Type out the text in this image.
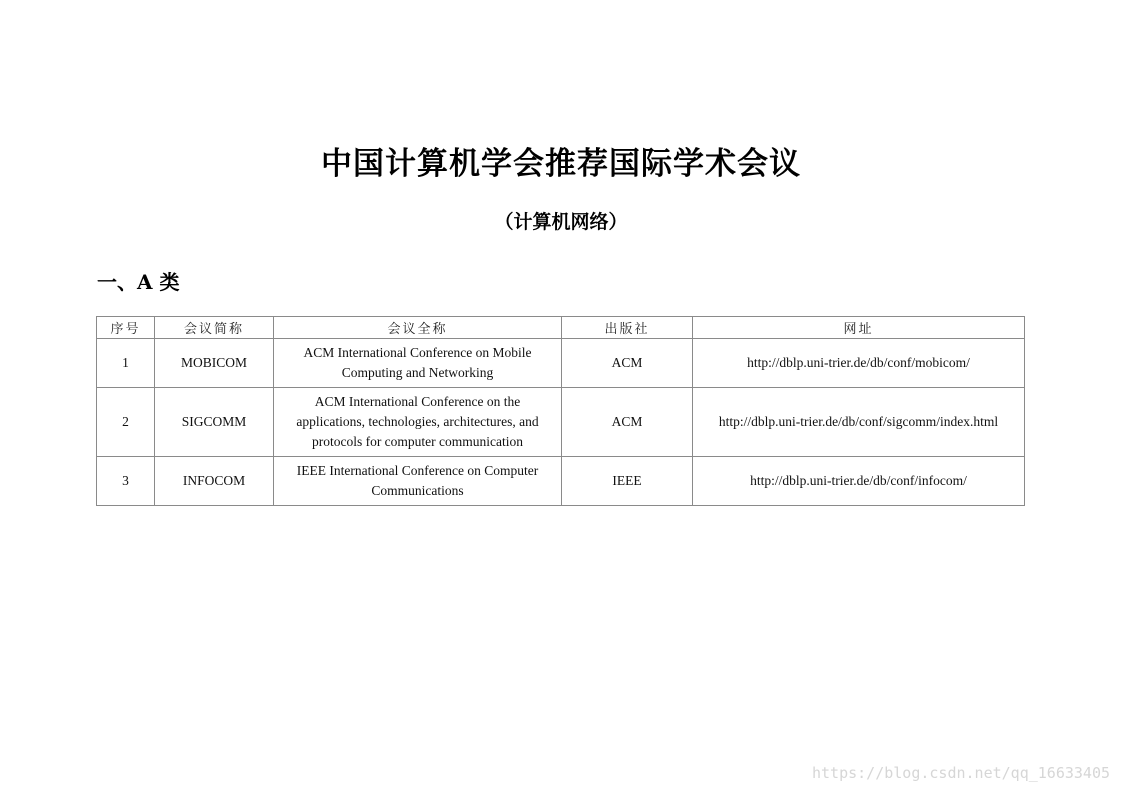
中国计算机学会推荐国际学术会议
（计算机网络）
一、A 类
序号	会议简称	会议全称	出版社	网址
1	MOBICOM	ACM International Conference on Mobile Computing and Networking	ACM	http://dblp.uni-trier.de/db/conf/mobicom/
2	SIGCOMM	ACM International Conference on the applications, technologies, architectures, and protocols for computer communication	ACM	http://dblp.uni-trier.de/db/conf/sigcomm/index.html
3	INFOCOM	IEEE International Conference on Computer Communications	IEEE	http://dblp.uni-trier.de/db/conf/infocom/
https://blog.csdn.net/qq_16633405
